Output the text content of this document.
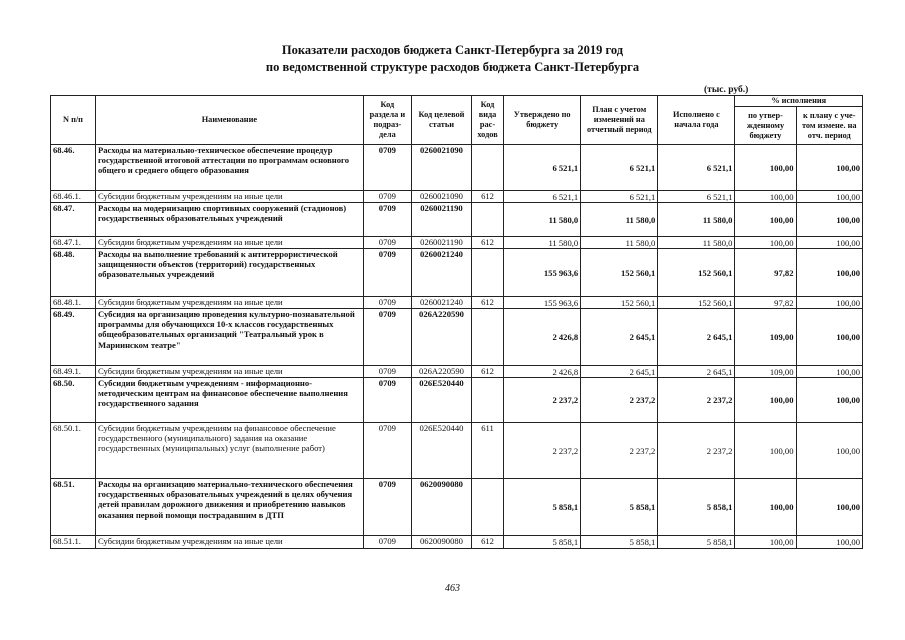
Показатели расходов бюджета Санкт-Петербурга за 2019 год
по ведомственной структуре расходов бюджета Санкт-Петербурга
(тыс. руб.)
N п/п	Наименование	Код раздела и подраз-дела	Код целевой статьи	Код вида рас-ходов	Утверждено по бюджету	План с учетом изменений на отчетный период	Исполнено с начала года	% исполнения	
								по утвер-жденному бюджету	к плану с уче-том измене. на отч. период
68.46.	Расходы на материально-техническое обеспечение процедур государственной итоговой аттестации по программам основного общего и среднего общего образования	0709	0260021090		6 521,1	6 521,1	6 521,1	100,00	100,00
68.46.1.	Субсидии бюджетным учреждениям на иные цели	0709	0260021090	612	6 521,1	6 521,1	6 521,1	100,00	100,00
68.47.	Расходы на модернизацию спортивных сооружений (стадионов) государственных образовательных учреждений	0709	0260021190		11 580,0	11 580,0	11 580,0	100,00	100,00
68.47.1.	Субсидии бюджетным учреждениям на иные цели	0709	0260021190	612	11 580,0	11 580,0	11 580,0	100,00	100,00
68.48.	Расходы на выполнение требований к антитеррористической защищенности объектов (территорий) государственных образовательных учреждений	0709	0260021240		155 963,6	152 560,1	152 560,1	97,82	100,00
68.48.1.	Субсидии бюджетным учреждениям на иные цели	0709	0260021240	612	155 963,6	152 560,1	152 560,1	97,82	100,00
68.49.	Субсидия на организацию проведения культурно-познавательной программы для обучающихся 10-х классов государственных общеобразовательных организаций "Театральный урок в Мариинском театре"	0709	026A220590		2 426,8	2 645,1	2 645,1	109,00	100,00
68.49.1.	Субсидии бюджетным учреждениям на иные цели	0709	026A220590	612	2 426,8	2 645,1	2 645,1	109,00	100,00
68.50.	Субсидии бюджетным учреждениям - информационно-методическим центрам на финансовое обеспечение выполнения государственного задания	0709	026E520440		2 237,2	2 237,2	2 237,2	100,00	100,00
68.50.1.	Субсидии бюджетным учреждениям на финансовое обеспечение государственного (муниципального) задания на оказание государственных (муниципальных) услуг (выполнение работ)	0709	026E520440	611	2 237,2	2 237,2	2 237,2	100,00	100,00
68.51.	Расходы на организацию материально-технического обеспечения государственных образовательных учреждений в целях обучения детей правилам дорожного движения и приобретению навыков оказания первой помощи пострадавшим в ДТП	0709	0620090080		5 858,1	5 858,1	5 858,1	100,00	100,00
68.51.1.	Субсидии бюджетным учреждениям на иные цели	0709	0620090080	612	5 858,1	5 858,1	5 858,1	100,00	100,00
463
